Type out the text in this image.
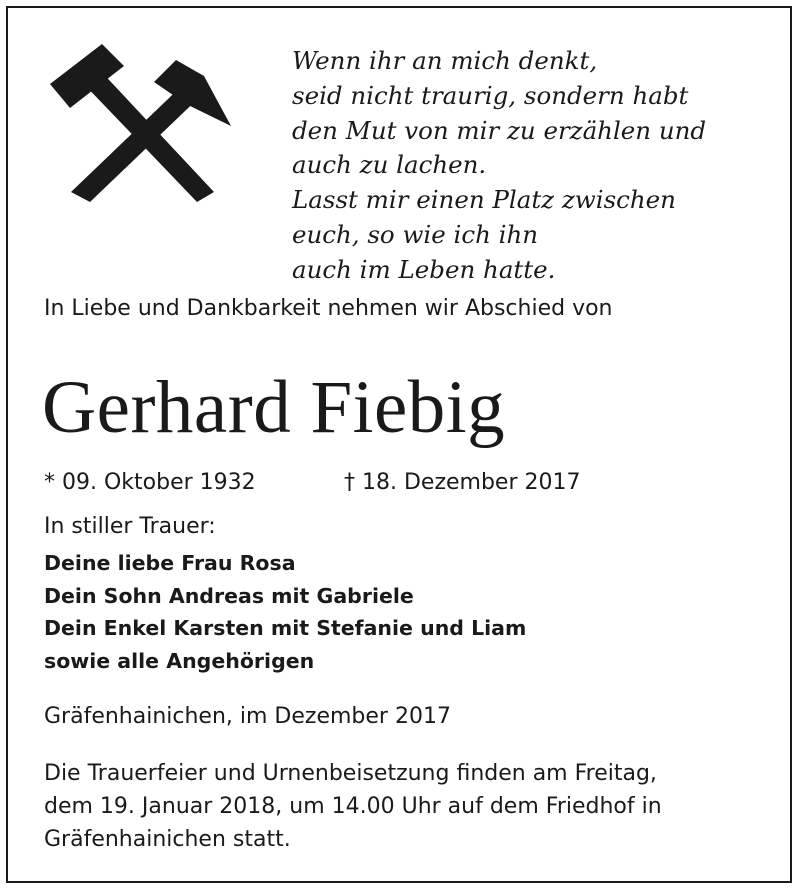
Wenn ihr an mich denkt,
seid nicht traurig, sondern habt
den Mut von mir zu erzählen und
auch zu lachen.
Lasst mir einen Platz zwischen
euch, so wie ich ihn
auch im Leben hatte.
In Liebe und Dankbarkeit nehmen wir Abschied von
Gerhard Fiebig
* 09. Oktober 1932	† 18. Dezember 2017
In stiller Trauer:
Deine liebe Frau Rosa
Dein Sohn Andreas mit Gabriele
Dein Enkel Karsten mit Stefanie und Liam
sowie alle Angehörigen
Gräfenhainichen, im Dezember 2017
Die Trauerfeier und Urnenbeisetzung finden am Freitag,
dem 19. Januar 2018, um 14.00 Uhr auf dem Friedhof in
Gräfenhainichen statt.
